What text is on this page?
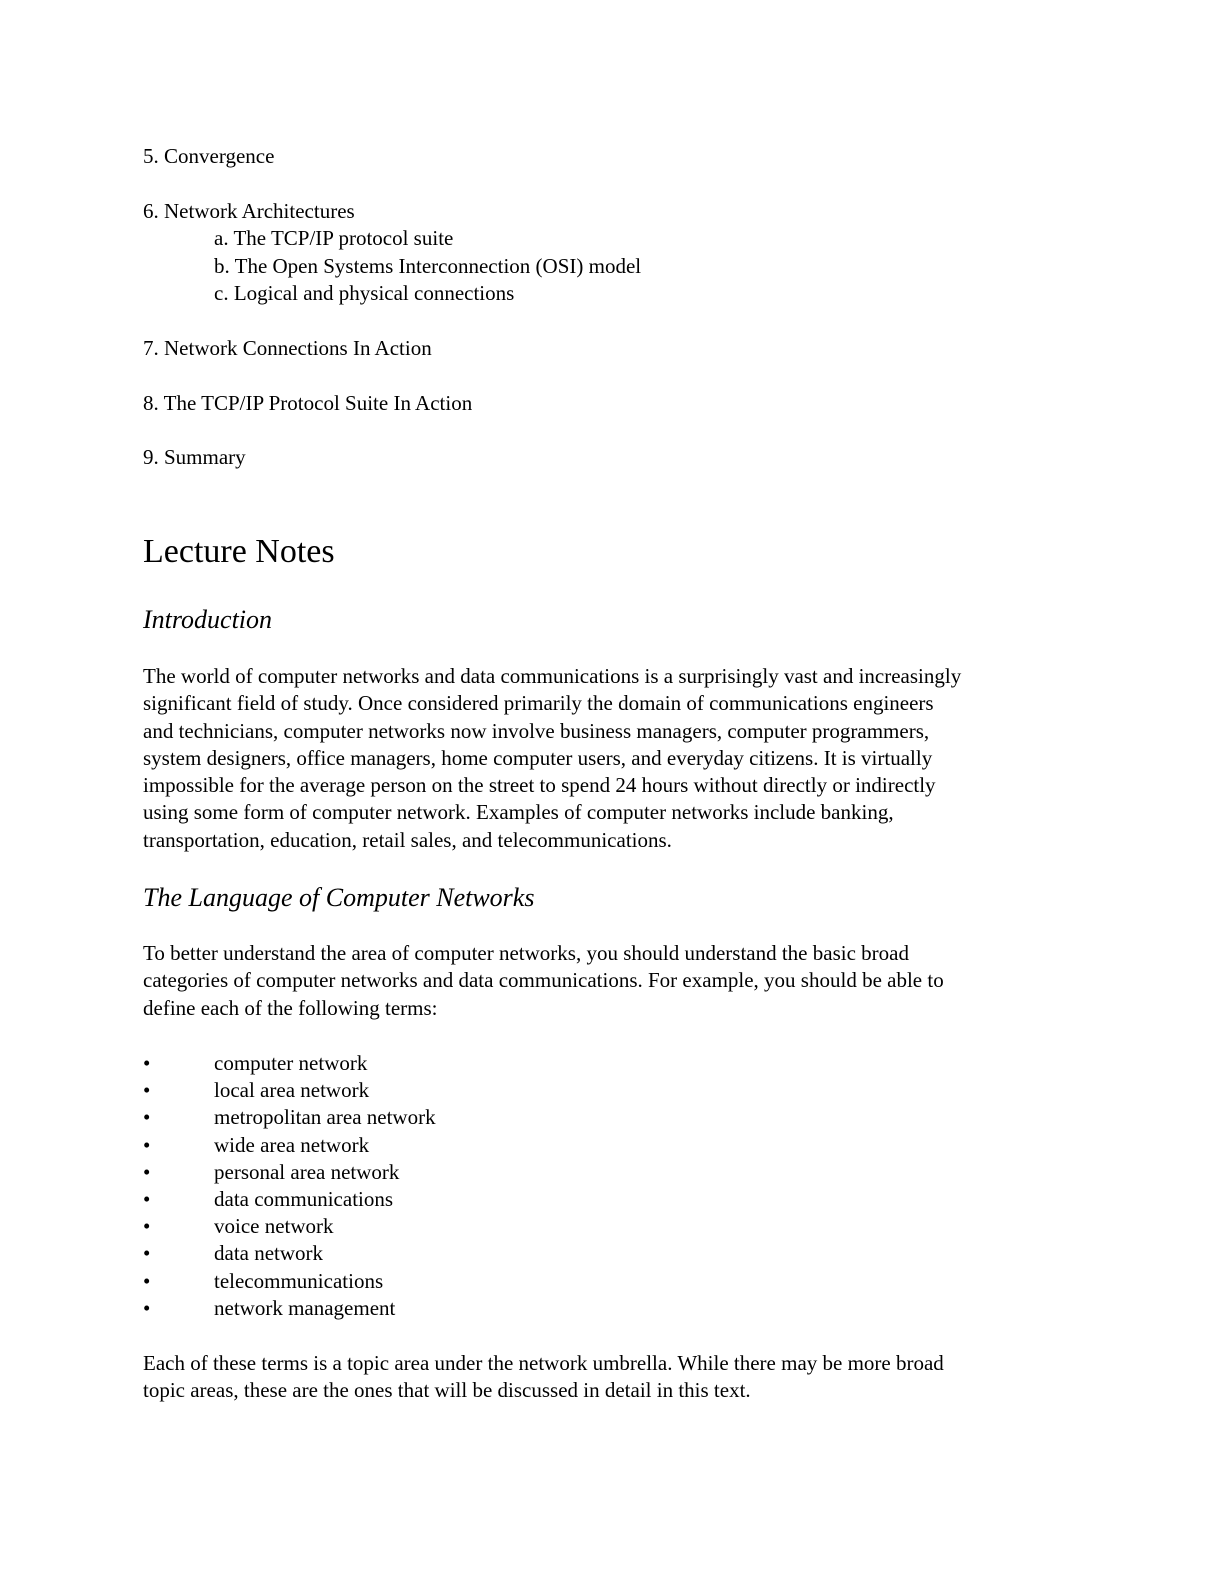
5. Convergence
6. Network Architectures
a. The TCP/IP protocol suite
b. The Open Systems Interconnection (OSI) model
c. Logical and physical connections
7. Network Connections In Action
8. The TCP/IP Protocol Suite In Action
9. Summary
Lecture Notes
Introduction

The world of computer networks and data communications is a surprisingly vast and increasingly
significant field of study. Once considered primarily the domain of communications engineers
and technicians, computer networks now involve business managers, computer programmers,
system designers, office managers, home computer users, and everyday citizens. It is virtually
impossible for the average person on the street to spend 24 hours without directly or indirectly
using some form of computer network. Examples of computer networks include banking,
transportation, education, retail sales, and telecommunications.

The Language of Computer Networks

To better understand the area of computer networks, you should understand the basic broad
categories of computer networks and data communications. For example, you should be able to
define each of the following terms:

•	computer network
•	local area network
•	metropolitan area network
•	wide area network
•	personal area network
•	data communications
•	voice network
•	data network
•	telecommunications
•	network management

Each of these terms is a topic area under the network umbrella. While there may be more broad
topic areas, these are the ones that will be discussed in detail in this text.
